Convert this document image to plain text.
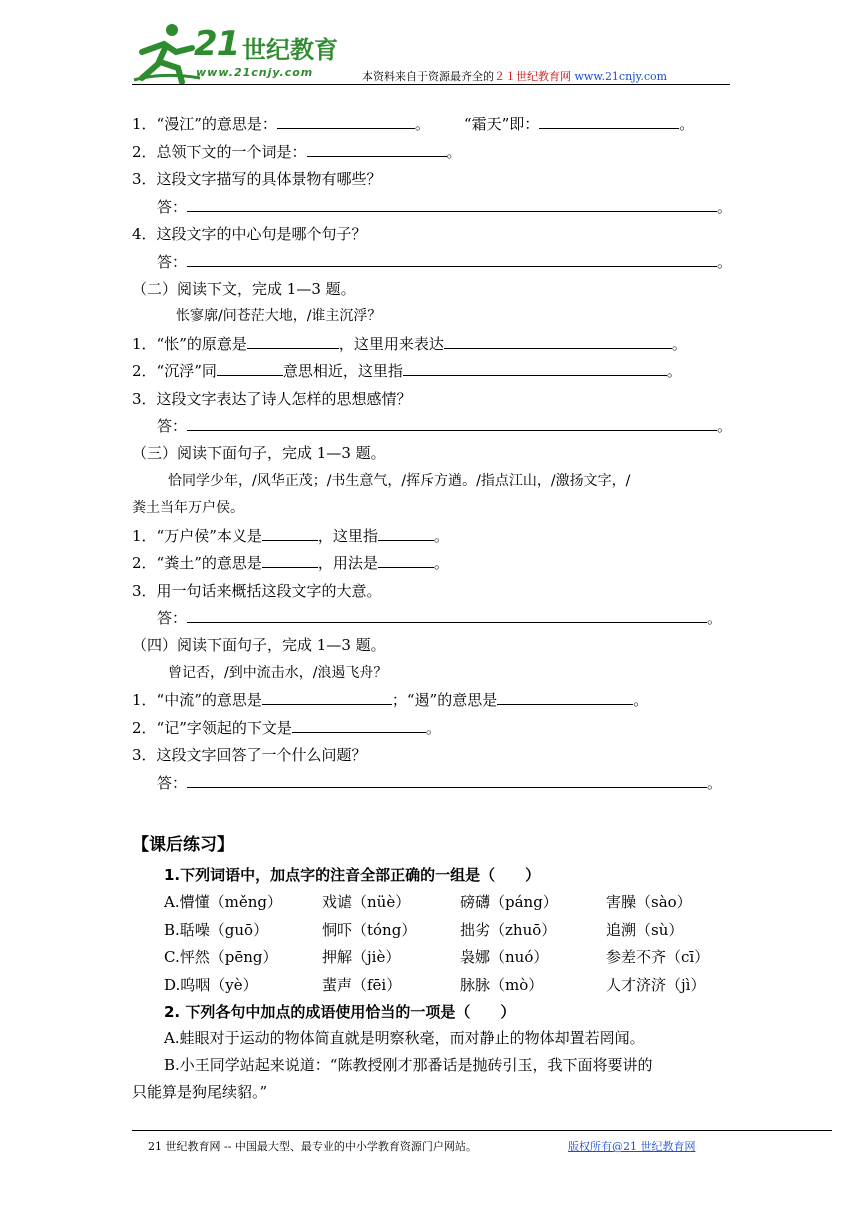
21 世纪教育
www.21cnjy.com	本资料来自于资源最齐全的２１世纪教育网 www.21cnjy.com
1．“漫江”的意思是：	。 “霜天”即：	。
2．总领下文的一个词是：	。
3．这段文字描写的具体景物有哪些？
答：	。
4．这段文字的中心句是哪个句子？
答：	。
（二）阅读下文，完成 1—3 题。
怅寥廓/问苍茫大地，/谁主沉浮？
1．“怅”的原意是	，这里用来表达	。
2．“沉浮”同	意思相近，这里指	。
3．这段文字表达了诗人怎样的思想感情？
答：	。
（三）阅读下面句子，完成 1—3 题。
恰同学少年，/风华正茂；/书生意气，/挥斥方遒。/指点江山，/激扬文字，/
粪土当年万户侯。
1．“万户侯”本义是	，这里指	。
2．“粪土”的意思是	，用法是	。
3．用一句话来概括这段文字的大意。
答：	。
（四）阅读下面句子，完成 1—3 题。
曾记否，/到中流击水，/浪遏飞舟？
1．“中流”的意思是	；“遏”的意思是	。
2．“记”字领起的下文是	。
3．这段文字回答了一个什么问题？
答：	。
【课后练习】
1.下列词语中，加点字的注音全部正确的一组是（　　）
A.懵懂（měng）	戏谑（nüè）	磅礴（páng）	害臊（sào）
B.聒噪（guō）	恫吓（tóng）	拙劣（zhuō）	追溯（sù）
C.怦然（pēng）	押解（jiè）	袅娜（nuó）	参差不齐（cī）
D.呜咽（yè）	蜚声（fēi）	脉脉（mò）	人才济济（jì）
2. 下列各句中加点的成语使用恰当的一项是（　　）
A.蛙眼对于运动的物体简直就是明察秋毫，而对静止的物体却置若罔闻。
B.小王同学站起来说道：“陈教授刚才那番话是抛砖引玉，我下面将要讲的
只能算是狗尾续貂。”
21 世纪教育网 -- 中国最大型、最专业的中小学教育资源门户网站。	版权所有@21 世纪教育网
